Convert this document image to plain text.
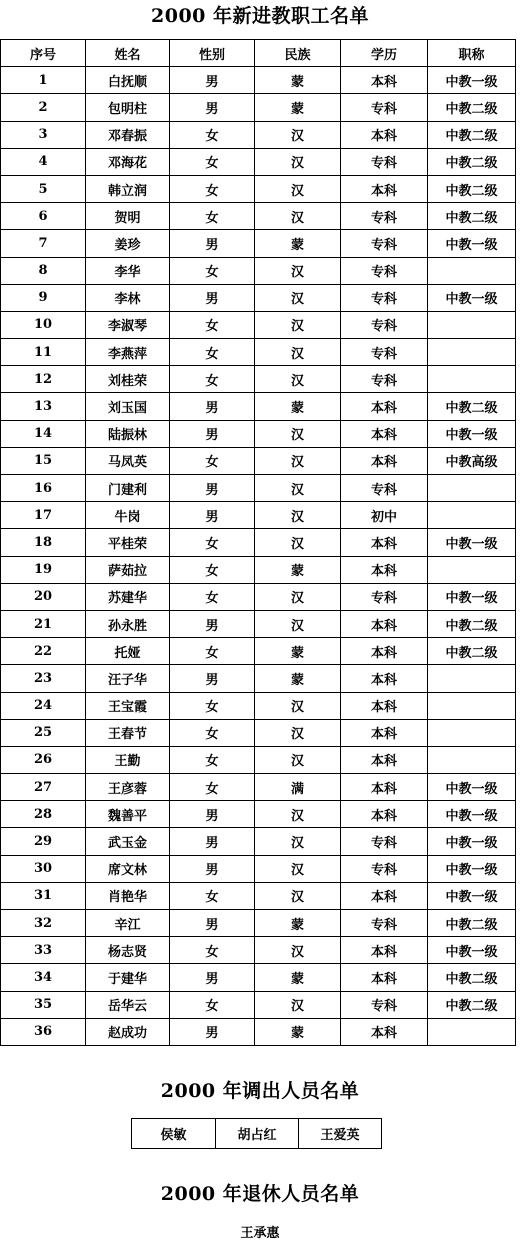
2000 年新进教职工名单
序号	姓名	性别	民族	学历	职称
1	白抚顺	男	蒙	本科	中教一级
2	包明柱	男	蒙	专科	中教二级
3	邓春振	女	汉	本科	中教二级
4	邓海花	女	汉	专科	中教二级
5	韩立润	女	汉	本科	中教二级
6	贺明	女	汉	专科	中教二级
7	姜珍	男	蒙	专科	中教一级
8	李华	女	汉	专科	
9	李林	男	汉	专科	中教一级
10	李淑琴	女	汉	专科	
11	李燕萍	女	汉	专科	
12	刘桂荣	女	汉	专科	
13	刘玉国	男	蒙	本科	中教二级
14	陆振林	男	汉	本科	中教一级
15	马凤英	女	汉	本科	中教高级
16	门建利	男	汉	专科	
17	牛岗	男	汉	初中	
18	平桂荣	女	汉	本科	中教一级
19	萨茹拉	女	蒙	本科	
20	苏建华	女	汉	专科	中教一级
21	孙永胜	男	汉	本科	中教二级
22	托娅	女	蒙	本科	中教二级
23	汪子华	男	蒙	本科	
24	王宝霞	女	汉	本科	
25	王春节	女	汉	本科	
26	王勤	女	汉	本科	
27	王彦蓉	女	满	本科	中教一级
28	魏善平	男	汉	本科	中教一级
29	武玉金	男	汉	专科	中教一级
30	席文林	男	汉	专科	中教一级
31	肖艳华	女	汉	本科	中教一级
32	辛江	男	蒙	专科	中教二级
33	杨志贤	女	汉	本科	中教一级
34	于建华	男	蒙	本科	中教二级
35	岳华云	女	汉	专科	中教二级
36	赵成功	男	蒙	本科	
2000 年调出人员名单
侯敏	胡占红	王爱英
2000 年退休人员名单
王承惠
